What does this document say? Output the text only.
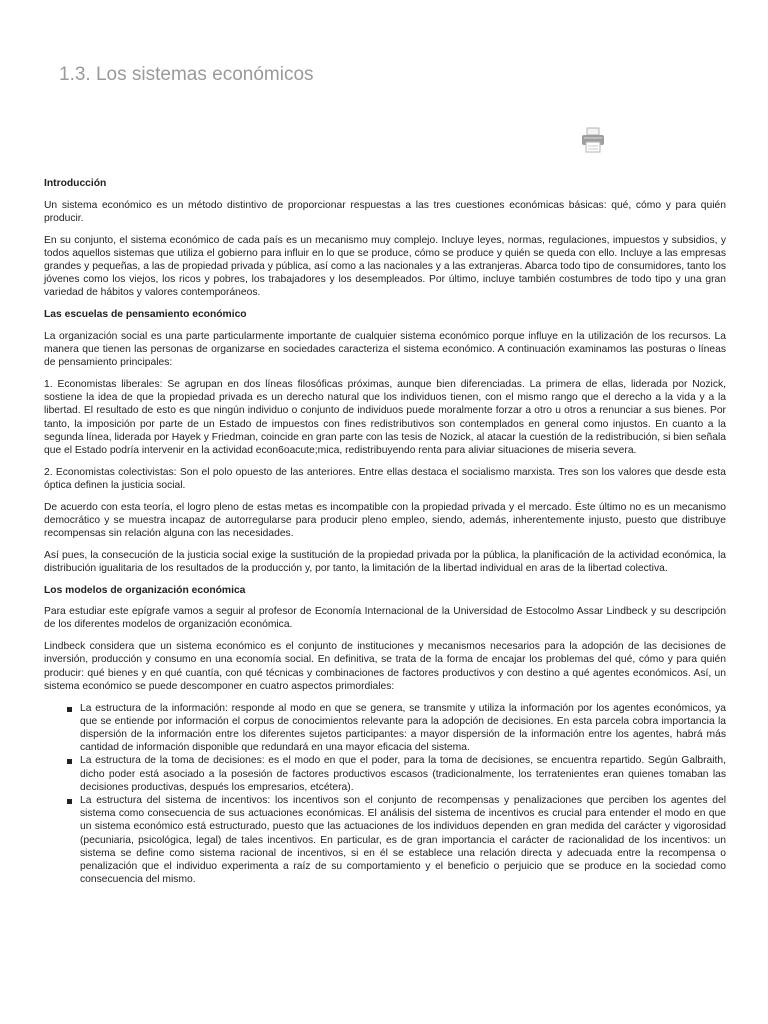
1.3. Los sistemas económicos
Introducción

Un sistema económico es un método distintivo de proporcionar respuestas a las tres cuestiones económicas básicas: qué, cómo y para quién producir.

En su conjunto, el sistema económico de cada país es un mecanismo muy complejo. Incluye leyes, normas, regulaciones, impuestos y subsidios, y todos aquellos sistemas que utiliza el gobierno para influir en lo que se produce, cómo se produce y quién se queda con ello. Incluye a las empresas grandes y pequeñas, a las de propiedad privada y pública, así como a las nacionales y a las extranjeras. Abarca todo tipo de consumidores, tanto los jóvenes como los viejos, los ricos y pobres, los trabajadores y los desempleados. Por último, incluye también costumbres de todo tipo y una gran variedad de hábitos y valores contemporáneos.

Las escuelas de pensamiento económico

La organización social es una parte particularmente importante de cualquier sistema económico porque influye en la utilización de los recursos. La manera que tienen las personas de organizarse en sociedades caracteriza el sistema económico. A continuación examinamos las posturas o líneas de pensamiento principales:

1. Economistas liberales: Se agrupan en dos líneas filosóficas próximas, aunque bien diferenciadas. La primera de ellas, liderada por Nozick, sostiene la idea de que la propiedad privada es un derecho natural que los individuos tienen, con el mismo rango que el derecho a la vida y a la libertad. El resultado de esto es que ningún individuo o conjunto de individuos puede moralmente forzar a otro u otros a renunciar a sus bienes. Por tanto, la imposición por parte de un Estado de impuestos con fines redistributivos son contemplados en general como injustos. En cuanto a la segunda línea, liderada por Hayek y Friedman, coincide en gran parte con las tesis de Nozick, al atacar la cuestión de la redistribución, si bien señala que el Estado podría intervenir en la actividad econ6oacute;mica, redistribuyendo renta para aliviar situaciones de miseria severa.

2. Economistas colectivistas: Son el polo opuesto de las anteriores. Entre ellas destaca el socialismo marxista. Tres son los valores que desde esta óptica definen la justicia social.

De acuerdo con esta teoría, el logro pleno de estas metas es incompatible con la propiedad privada y el mercado. Éste último no es un mecanismo democrático y se muestra incapaz de autorregularse para producir pleno empleo, siendo, además, inherentemente injusto, puesto que distribuye recompensas sin relación alguna con las necesidades.

Así pues, la consecución de la justicia social exige la sustitución de la propiedad privada por la pública, la planificación de la actividad económica, la distribución igualitaria de los resultados de la producción y, por tanto, la limitación de la libertad individual en aras de la libertad colectiva.

Los modelos de organización económica

Para estudiar este epígrafe vamos a seguir al profesor de Economía Internacional de la Universidad de Estocolmo Assar Lindbeck y su descripción de los diferentes modelos de organización económica.

Lindbeck considera que un sistema económico es el conjunto de instituciones y mecanismos necesarios para la adopción de las decisiones de inversión, producción y consumo en una economía social. En definitiva, se trata de la forma de encajar los problemas del qué, cómo y para quién producir: qué bienes y en qué cuantía, con qué técnicas y combinaciones de factores productivos y con destino a qué agentes económicos. Así, un sistema económico se puede descomponer en cuatro aspectos primordiales:

La estructura de la información: responde al modo en que se genera, se transmite y utiliza la información por los agentes económicos, ya que se entiende por información el corpus de conocimientos relevante para la adopción de decisiones. En esta parcela cobra importancia la dispersión de la información entre los diferentes sujetos participantes: a mayor dispersión de la información entre los agentes, habrá más cantidad de información disponible que redundará en una mayor eficacia del sistema.
La estructura de la toma de decisiones: es el modo en que el poder, para la toma de decisiones, se encuentra repartido. Según Galbraith, dicho poder está asociado a la posesión de factores productivos escasos (tradicionalmente, los terratenientes eran quienes tomaban las decisiones productivas, después los empresarios, etcétera).
La estructura del sistema de incentivos: los incentivos son el conjunto de recompensas y penalizaciones que perciben los agentes del sistema como consecuencia de sus actuaciones económicas. El análisis del sistema de incentivos es crucial para entender el modo en que un sistema económico está estructurado, puesto que las actuaciones de los individuos dependen en gran medida del carácter y vigorosidad (pecuniaria, psicológica, legal) de tales incentivos. En particular, es de gran importancia el carácter de racionalidad de los incentivos: un sistema se define como sistema racional de incentivos, si en él se establece una relación directa y adecuada entre la recompensa o penalización que el individuo experimenta a raíz de su comportamiento y el beneficio o perjuicio que se produce en la sociedad como consecuencia del mismo.
